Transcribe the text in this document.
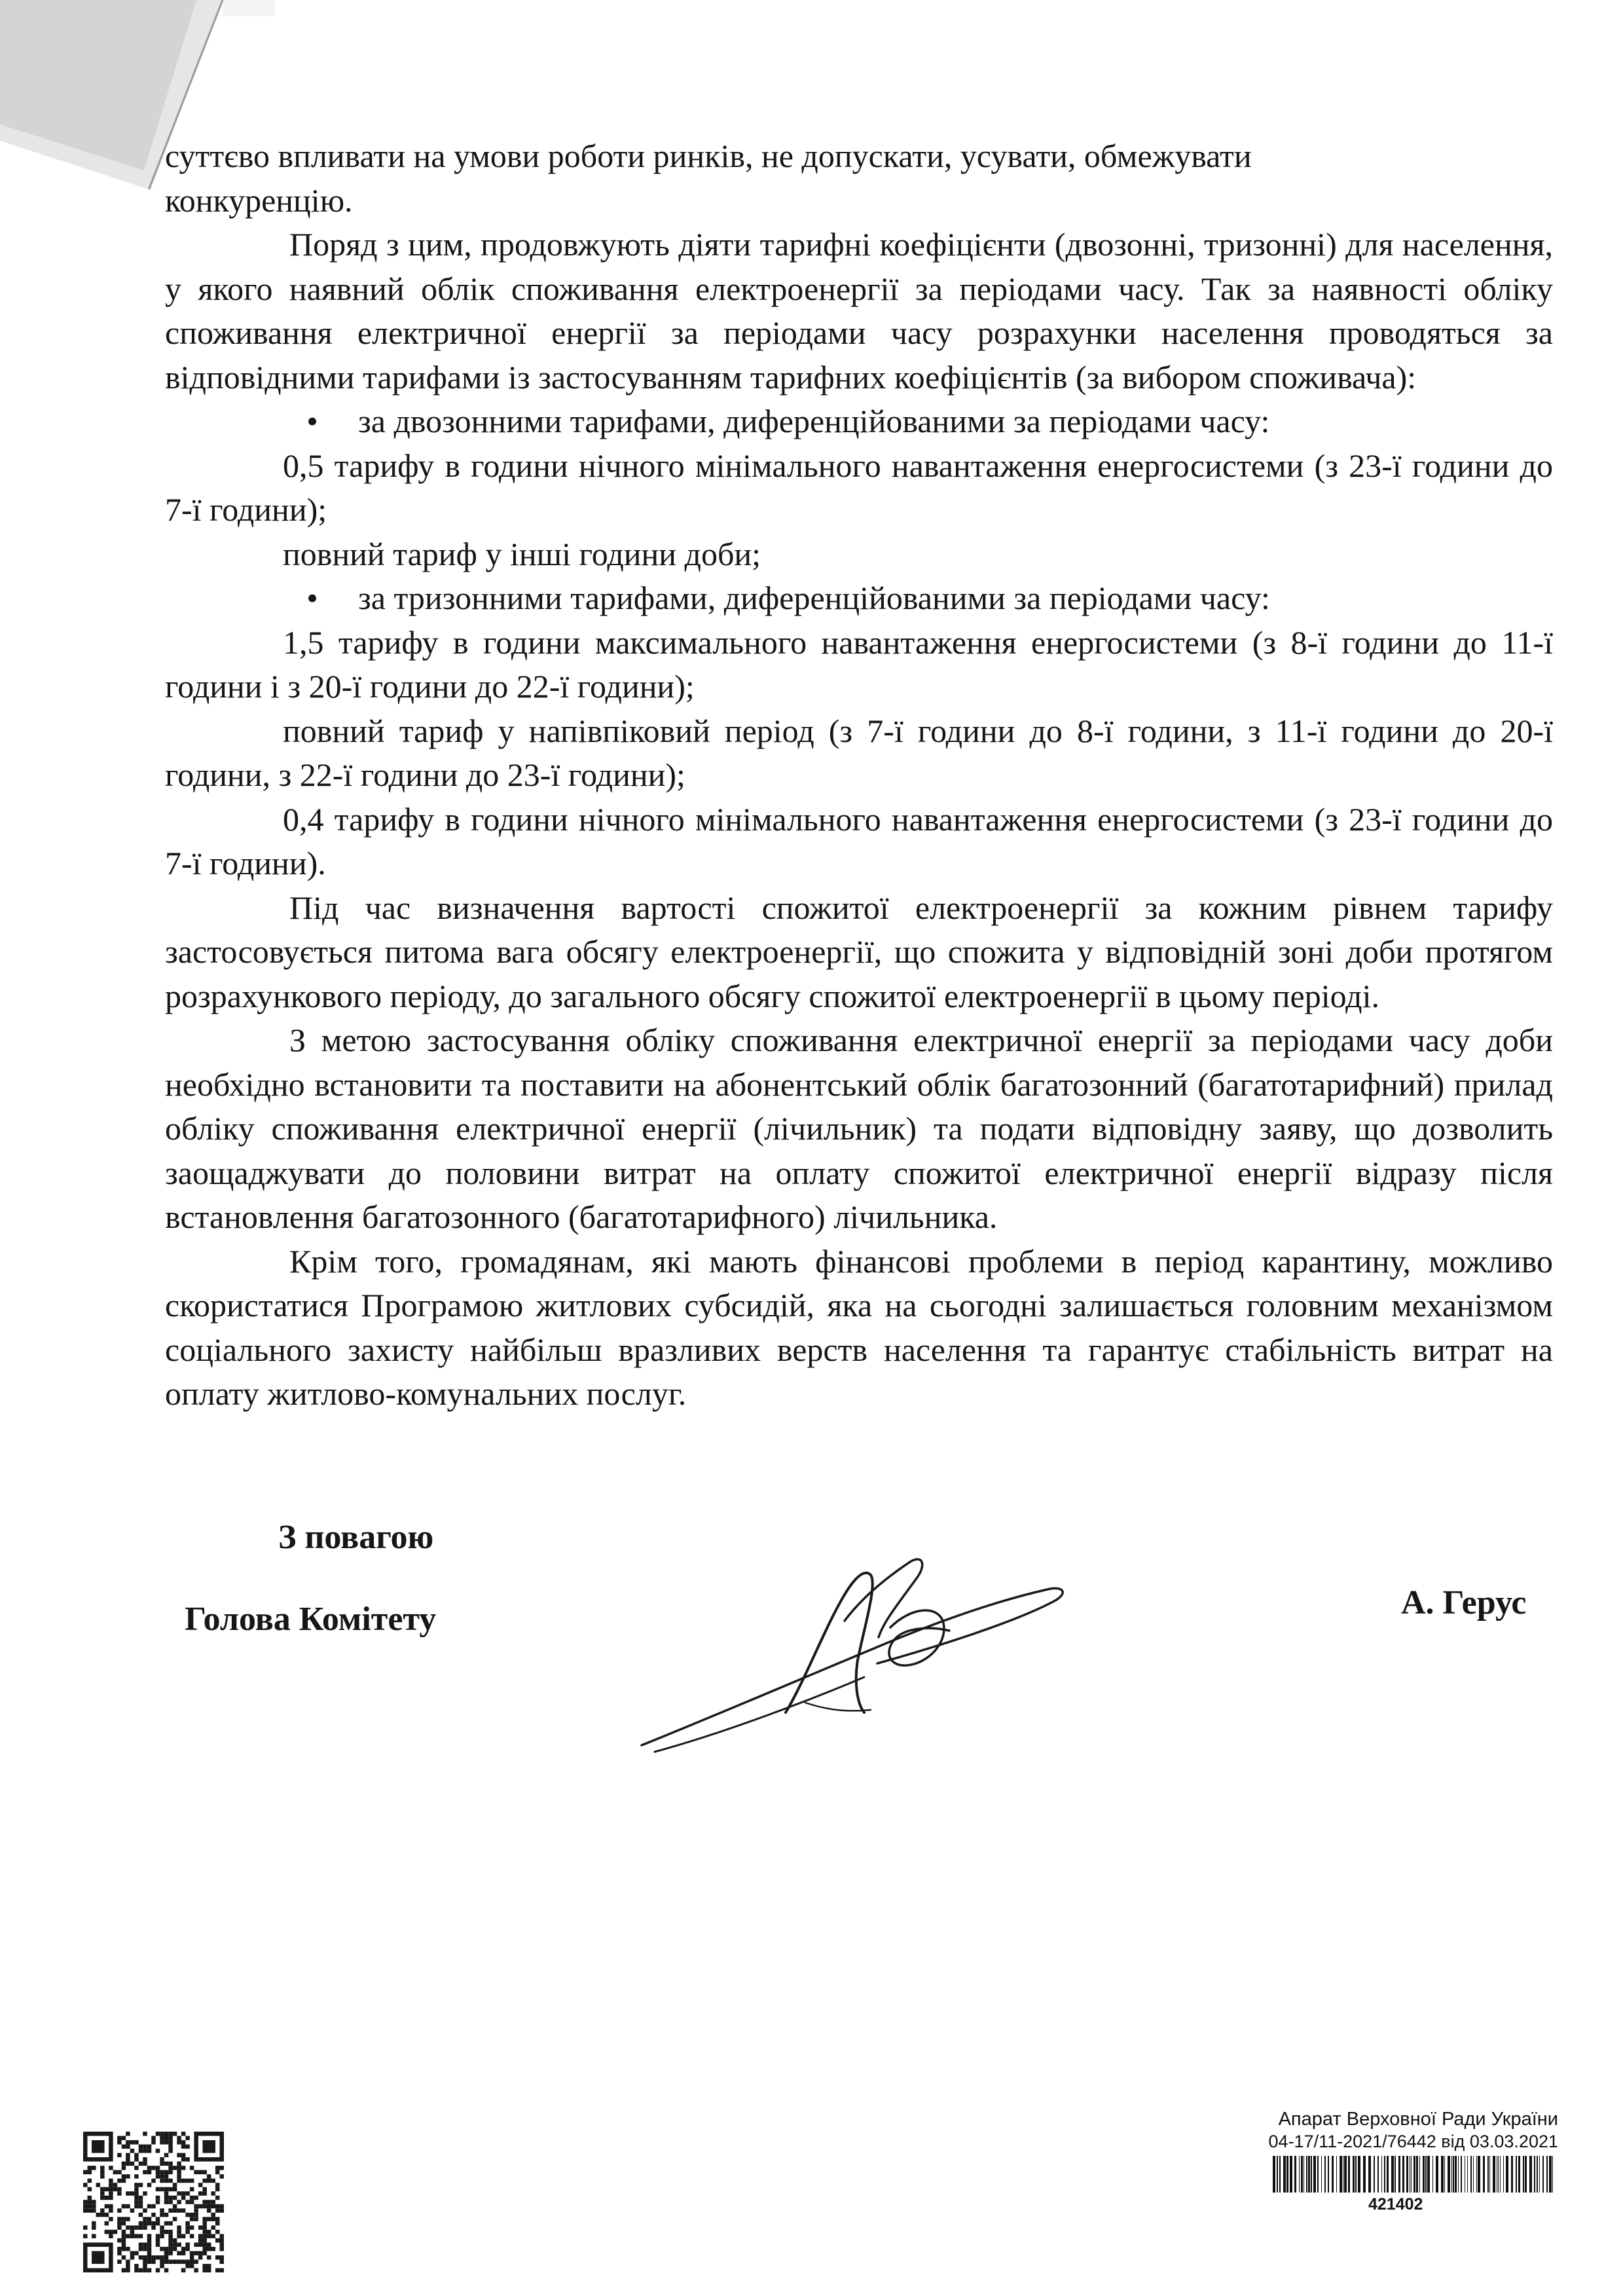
суттєво впливати на умови роботи ринків, не допускати, усувати, обмежувати

конкуренцію.

Поряд з цим, продовжують діяти тарифні коефіцієнти (двозонні, тризонні) для населення, у якого наявний облік споживання електроенергії за періодами часу. Так за наявності обліку споживання електричної енергії за періодами часу розрахунки населення проводяться за відповідними тарифами із застосуванням тарифних коефіцієнтів (за вибором споживача):

•	за двозонними тарифами, диференційованими за періодами часу:

0,5 тарифу в години нічного мінімального навантаження енергосистеми (з 23-ї години до 7-ї години);

повний тариф у інші години доби;

•	за тризонними тарифами, диференційованими за періодами часу:

1,5 тарифу в години максимального навантаження енергосистеми (з 8-ї години до 11-ї години і з 20-ї години до 22-ї години);

повний тариф у напівпіковий період (з 7-ї години до 8-ї години, з 11-ї години до 20-ї години, з 22-ї години до 23-ї години);

0,4 тарифу в години нічного мінімального навантаження енергосистеми (з 23-ї години до 7-ї години).

Під час визначення вартості спожитої електроенергії за кожним рівнем тарифу застосовується питома вага обсягу електроенергії, що спожита у відповідній зоні доби протягом розрахункового періоду, до загального обсягу спожитої електроенергії в цьому періоді.

З метою застосування обліку споживання електричної енергії за періодами часу доби необхідно встановити та поставити на абонентський облік багатозонний (багатотарифний) прилад обліку споживання електричної енергії (лічильник) та подати відповідну заяву, що дозволить заощаджувати до половини витрат на оплату спожитої електричної енергії відразу після встановлення багатозонного (багатотарифного) лічильника.

Крім того, громадянам, які мають фінансові проблеми в період карантину, можливо скористатися Програмою житлових субсидій, яка на сьогодні залишається головним механізмом соціального захисту найбільш вразливих верств населення та гарантує стабільність витрат на оплату житлово-комунальних послуг.

З повагою
Голова Комітету	А. Герус
Апарат Верховної Ради України
04-17/11-2021/76442 від 03.03.2021
421402
